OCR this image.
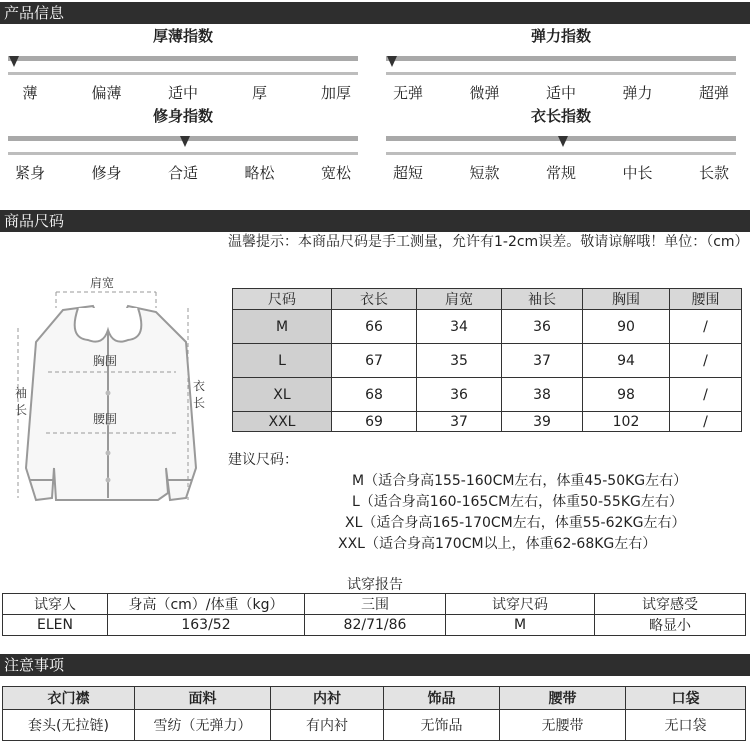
产品信息
商品尺码
注意事项
厚薄指数
薄	偏薄	适中	厚	加厚
弹力指数
无弹	微弹	适中	弹力	超弹
修身指数
紧身	修身	合适	略松	宽松
衣长指数
超短	短款	常规	中长	长款
温馨提示：本商品尺码是手工测量，允许有1-2cm误差。敬请谅解哦！单位：（cm）
肩宽
胸围
腰围
袖长
衣长
尺码	衣长	肩宽	袖长	胸围	腰围
M	66	34	36	90	/
L	67	35	37	94	/
XL	68	36	38	98	/
XXL	69	37	39	102	/
建议尺码：
M（适合身高155-160CM左右，体重45-50KG左右）
L（适合身高160-165CM左右，体重50-55KG左右）
XL（适合身高165-170CM左右，体重55-62KG左右）
XXL（适合身高170CM以上，体重62-68KG左右）
试穿报告
试穿人	身高（cm）/体重（kg）	三围	试穿尺码	试穿感受
ELEN	163/52	82/71/86	M	略显小
衣门襟	面料	内衬	饰品	腰带	口袋
套头(无拉链)	雪纺（无弹力）	有内衬	无饰品	无腰带	无口袋
